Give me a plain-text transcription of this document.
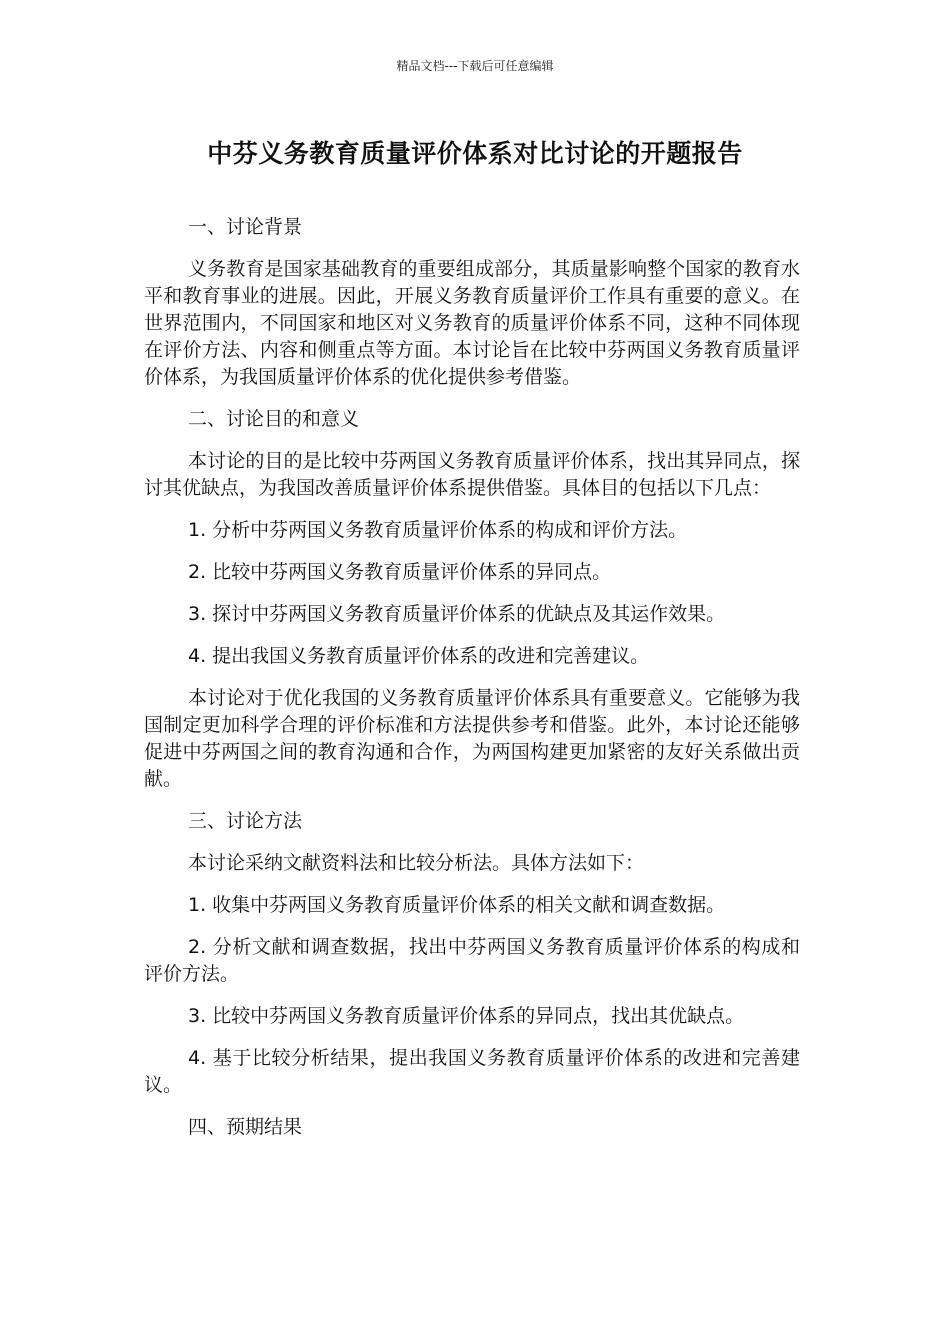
精品文档---下载后可任意编辑
中芬义务教育质量评价体系对比讨论的开题报告

一、讨论背景

义务教育是国家基础教育的重要组成部分，其质量影响整个国家的教育水平和教育事业的进展。因此，开展义务教育质量评价工作具有重要的意义。在世界范围内，不同国家和地区对义务教育的质量评价体系不同，这种不同体现在评价方法、内容和侧重点等方面。本讨论旨在比较中芬两国义务教育质量评价体系，为我国质量评价体系的优化提供参考借鉴。

二、讨论目的和意义

本讨论的目的是比较中芬两国义务教育质量评价体系，找出其异同点，探讨其优缺点，为我国改善质量评价体系提供借鉴。具体目的包括以下几点：

1. 分析中芬两国义务教育质量评价体系的构成和评价方法。

2. 比较中芬两国义务教育质量评价体系的异同点。

3. 探讨中芬两国义务教育质量评价体系的优缺点及其运作效果。

4. 提出我国义务教育质量评价体系的改进和完善建议。

本讨论对于优化我国的义务教育质量评价体系具有重要意义。它能够为我国制定更加科学合理的评价标准和方法提供参考和借鉴。此外，本讨论还能够促进中芬两国之间的教育沟通和合作，为两国构建更加紧密的友好关系做出贡献。

三、讨论方法

本讨论采纳文献资料法和比较分析法。具体方法如下：

1. 收集中芬两国义务教育质量评价体系的相关文献和调查数据。

2. 分析文献和调查数据，找出中芬两国义务教育质量评价体系的构成和评价方法。

3. 比较中芬两国义务教育质量评价体系的异同点，找出其优缺点。

4. 基于比较分析结果，提出我国义务教育质量评价体系的改进和完善建议。

四、预期结果
